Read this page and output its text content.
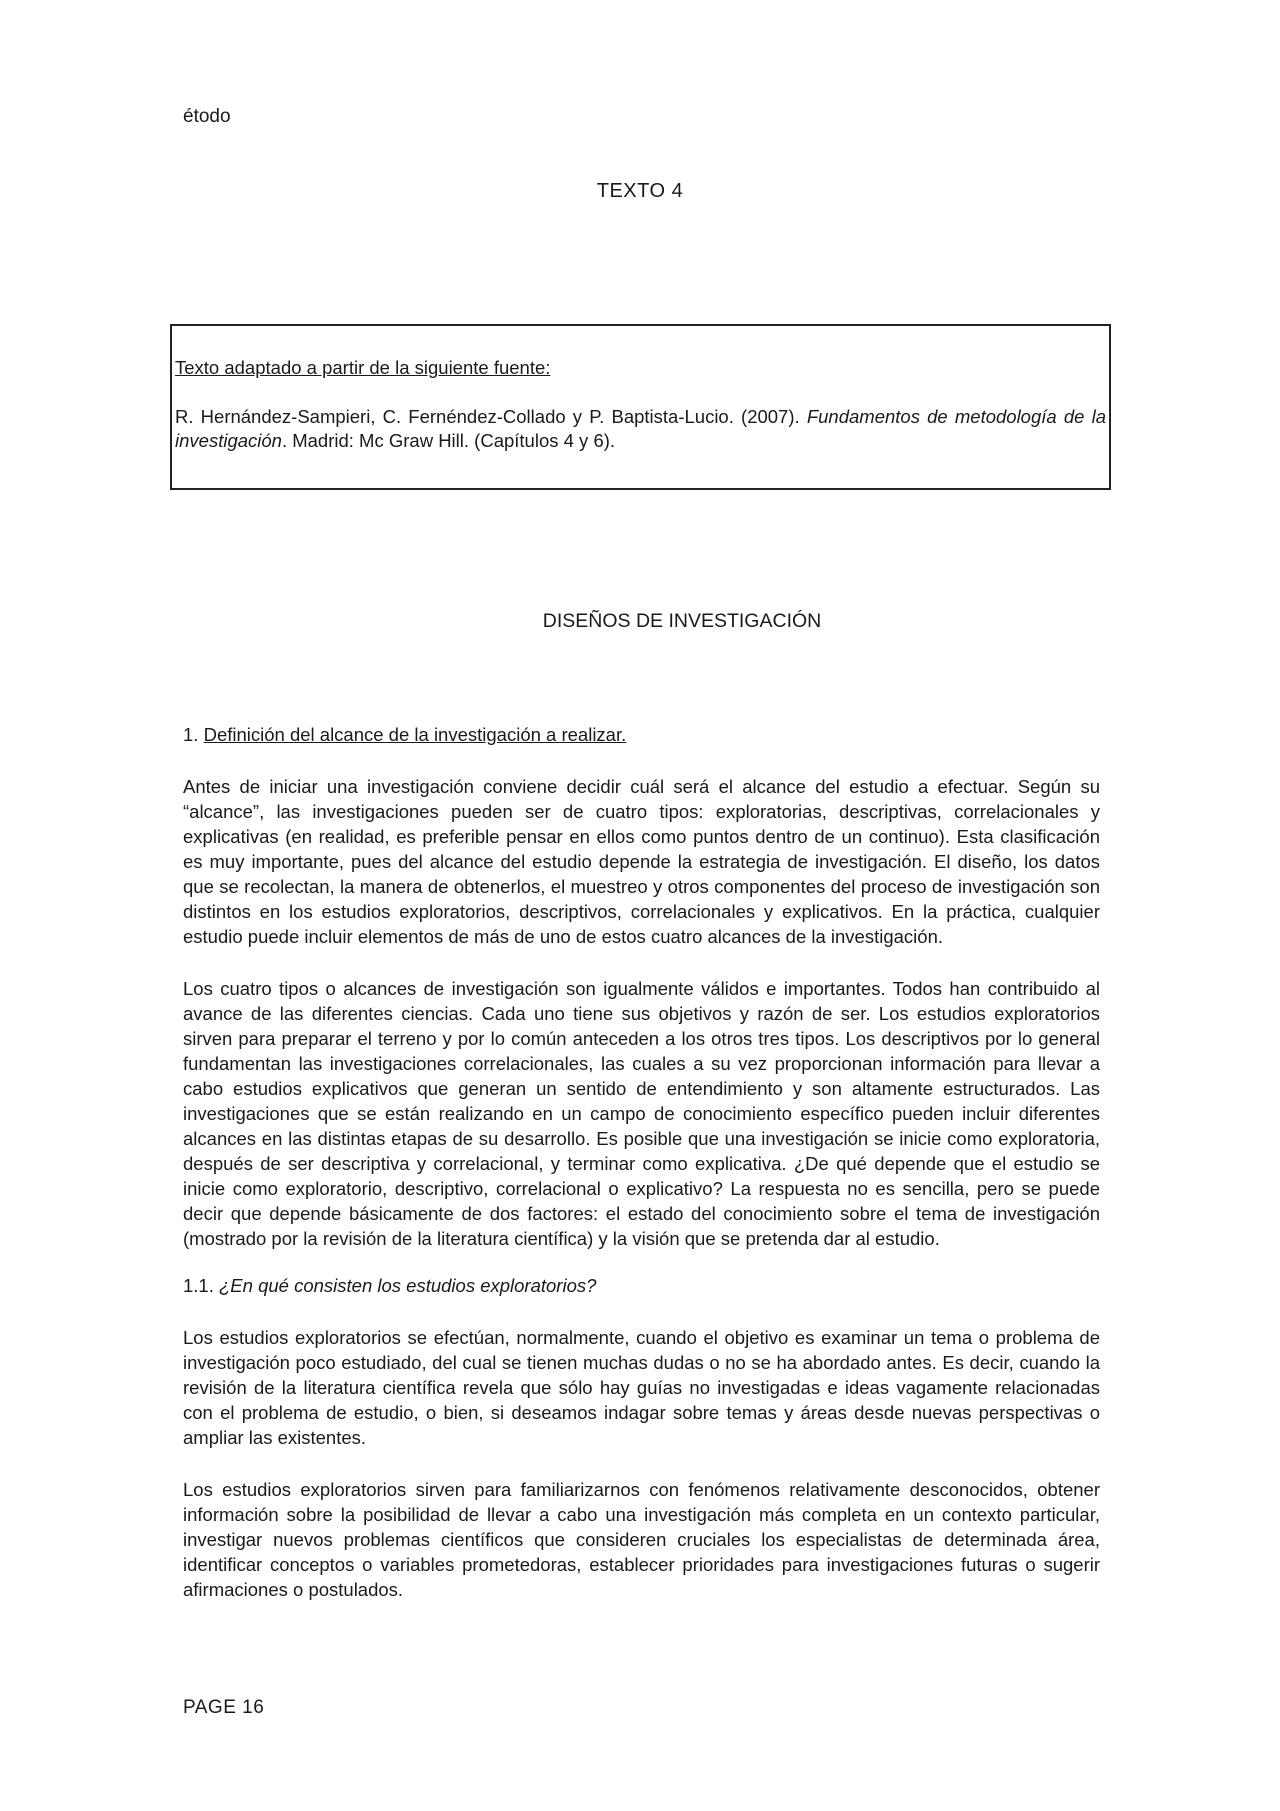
étodo
TEXTO 4

Texto adaptado a partir de la siguiente fuente:

R. Hernández-Sampieri, C. Fernéndez-Collado y P. Baptista-Lucio. (2007). Fundamentos de metodología de la investigación. Madrid: Mc Graw Hill. (Capítulos 4 y 6).

DISEÑOS DE INVESTIGACIÓN

1. Definición del alcance de la investigación a realizar.

Antes de iniciar una investigación conviene decidir cuál será el alcance del estudio a efectuar. Según su “alcance”, las investigaciones pueden ser de cuatro tipos: exploratorias, descriptivas, correlacionales y explicativas (en realidad, es preferible pensar en ellos como puntos dentro de un continuo). Esta clasificación es muy importante, pues del alcance del estudio depende la estrategia de investigación. El diseño, los datos que se recolectan, la manera de obtenerlos, el muestreo y otros componentes del proceso de investigación son distintos en los estudios exploratorios, descriptivos, correlacionales y explicativos. En la práctica, cualquier estudio puede incluir elementos de más de uno de estos cuatro alcances de la investigación.

Los cuatro tipos o alcances de investigación son igualmente válidos e importantes. Todos han contribuido al avance de las diferentes ciencias. Cada uno tiene sus objetivos y razón de ser. Los estudios exploratorios sirven para preparar el terreno y por lo común anteceden a los otros tres tipos. Los descriptivos por lo general fundamentan las investigaciones correlacionales, las cuales a su vez proporcionan información para llevar a cabo estudios explicativos que generan un sentido de entendimiento y son altamente estructurados. Las investigaciones que se están realizando en un campo de conocimiento específico pueden incluir diferentes alcances en las distintas etapas de su desarrollo. Es posible que una investigación se inicie como exploratoria, después de ser descriptiva y correlacional, y terminar como explicativa. ¿De qué depende que el estudio se inicie como exploratorio, descriptivo, correlacional o explicativo? La respuesta no es sencilla, pero se puede decir que depende básicamente de dos factores: el estado del conocimiento sobre el tema de investigación (mostrado por la revisión de la literatura científica) y la visión que se pretenda dar al estudio.

1.1. ¿En qué consisten los estudios exploratorios?

Los estudios exploratorios se efectúan, normalmente, cuando el objetivo es examinar un tema o problema de investigación poco estudiado, del cual se tienen muchas dudas o no se ha abordado antes. Es decir, cuando la revisión de la literatura científica revela que sólo hay guías no investigadas e ideas vagamente relacionadas con el problema de estudio, o bien, si deseamos indagar sobre temas y áreas desde nuevas perspectivas o ampliar las existentes.

Los estudios exploratorios sirven para familiarizarnos con fenómenos relativamente desconocidos, obtener información sobre la posibilidad de llevar a cabo una investigación más completa en un contexto particular, investigar nuevos problemas científicos que consideren cruciales los especialistas de determinada área, identificar conceptos o variables prometedoras, establecer prioridades para investigaciones futuras o sugerir afirmaciones o postulados.

PAGE 16
